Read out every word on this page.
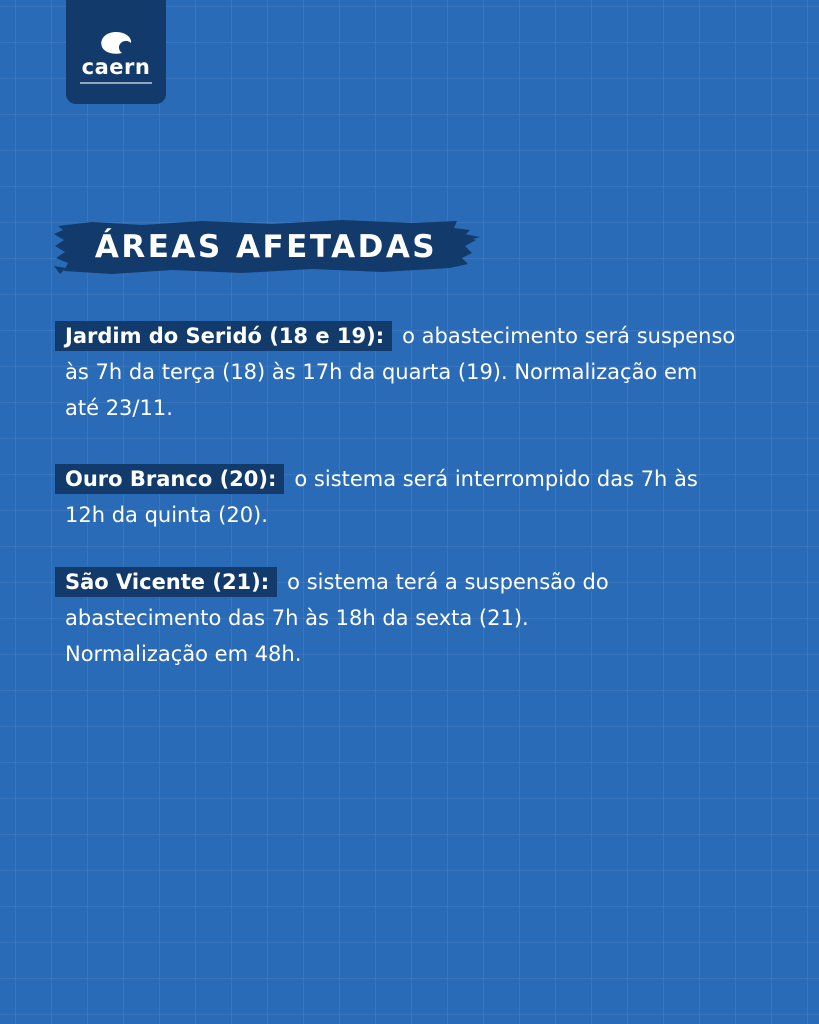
caern
ÁREAS AFETADAS
Jardim do Seridó (18 e 19): o abastecimento será suspenso
às 7h da terça (18) às 17h da quarta (19). Normalização em
até 23/11.
Ouro Branco (20): o sistema será interrompido das 7h às
12h da quinta (20).
São Vicente (21): o sistema terá a suspensão do
abastecimento das 7h às 18h da sexta (21).
Normalização em 48h.
